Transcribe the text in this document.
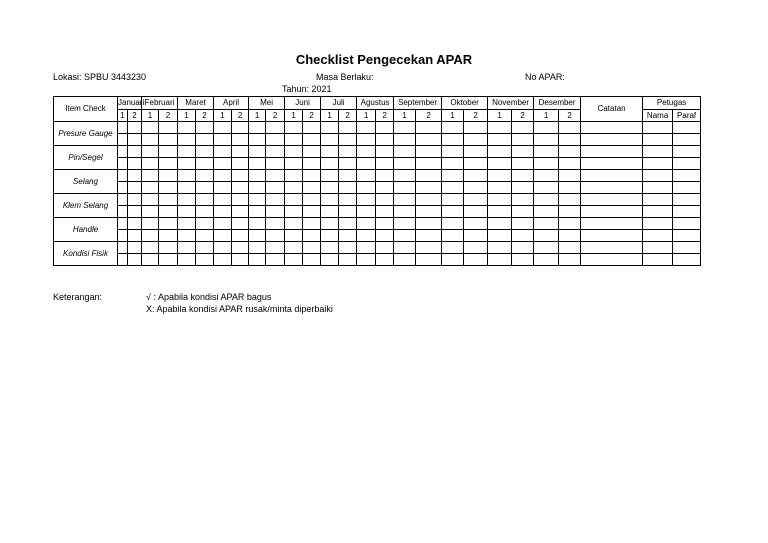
Checklist Pengecekan APAR
Lokasi: SPBU 3443230	Masa Berlaku:	No APAR:
Tahun: 2021
Item Check	Januari		Februari		Maret		April		Mei		Juni		Juli		Agustus		September		Oktober		November		Desember		Catatan	Petugas	
	1	2	1	2	1	2	1	2	1	2	1	2	1	2	1	2	1	2	1	2	1	2	1	2		Nama	Paraf
Presure Gauge																											

Pin/Segel																											

Selang																											

Klem Selang																											

Handle																											

Kondisi Fisik																											

Keterangan:	√ : Apabila kondisi APAR bagus
X: Apabila kondisi APAR rusak/minta diperbaiki
